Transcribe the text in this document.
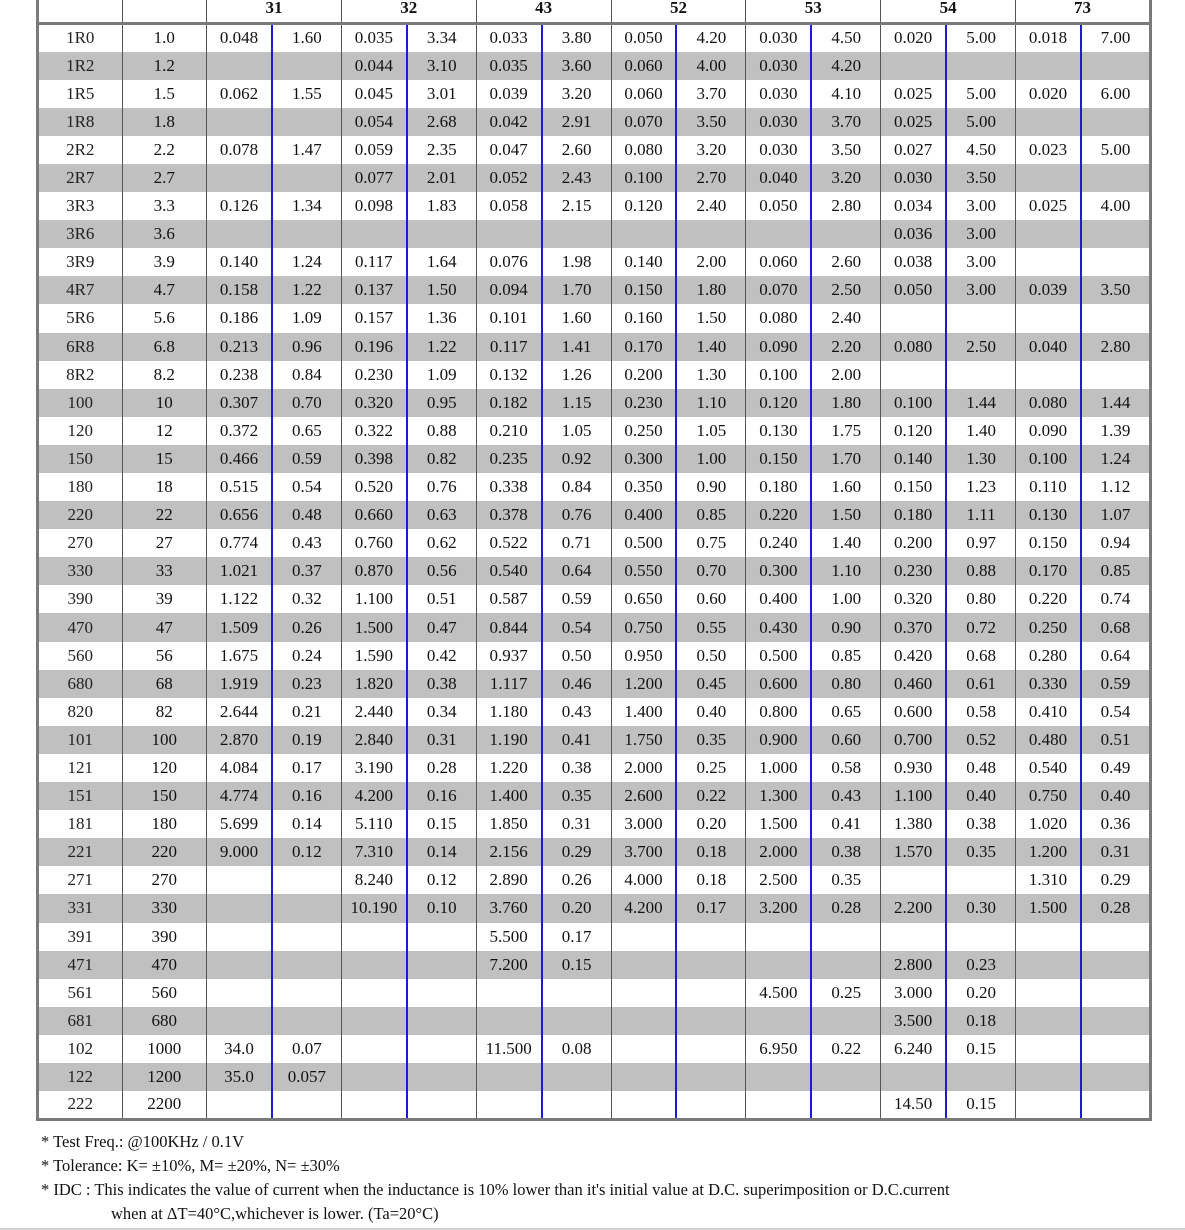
		31		32		43		52		53		54		73	
1R0	1.0	0.048	1.60	0.035	3.34	0.033	3.80	0.050	4.20	0.030	4.50	0.020	5.00	0.018	7.00
1R2	1.2			0.044	3.10	0.035	3.60	0.060	4.00	0.030	4.20				
1R5	1.5	0.062	1.55	0.045	3.01	0.039	3.20	0.060	3.70	0.030	4.10	0.025	5.00	0.020	6.00
1R8	1.8			0.054	2.68	0.042	2.91	0.070	3.50	0.030	3.70	0.025	5.00		
2R2	2.2	0.078	1.47	0.059	2.35	0.047	2.60	0.080	3.20	0.030	3.50	0.027	4.50	0.023	5.00
2R7	2.7			0.077	2.01	0.052	2.43	0.100	2.70	0.040	3.20	0.030	3.50		
3R3	3.3	0.126	1.34	0.098	1.83	0.058	2.15	0.120	2.40	0.050	2.80	0.034	3.00	0.025	4.00
3R6	3.6											0.036	3.00		
3R9	3.9	0.140	1.24	0.117	1.64	0.076	1.98	0.140	2.00	0.060	2.60	0.038	3.00		
4R7	4.7	0.158	1.22	0.137	1.50	0.094	1.70	0.150	1.80	0.070	2.50	0.050	3.00	0.039	3.50
5R6	5.6	0.186	1.09	0.157	1.36	0.101	1.60	0.160	1.50	0.080	2.40				
6R8	6.8	0.213	0.96	0.196	1.22	0.117	1.41	0.170	1.40	0.090	2.20	0.080	2.50	0.040	2.80
8R2	8.2	0.238	0.84	0.230	1.09	0.132	1.26	0.200	1.30	0.100	2.00				
100	10	0.307	0.70	0.320	0.95	0.182	1.15	0.230	1.10	0.120	1.80	0.100	1.44	0.080	1.44
120	12	0.372	0.65	0.322	0.88	0.210	1.05	0.250	1.05	0.130	1.75	0.120	1.40	0.090	1.39
150	15	0.466	0.59	0.398	0.82	0.235	0.92	0.300	1.00	0.150	1.70	0.140	1.30	0.100	1.24
180	18	0.515	0.54	0.520	0.76	0.338	0.84	0.350	0.90	0.180	1.60	0.150	1.23	0.110	1.12
220	22	0.656	0.48	0.660	0.63	0.378	0.76	0.400	0.85	0.220	1.50	0.180	1.11	0.130	1.07
270	27	0.774	0.43	0.760	0.62	0.522	0.71	0.500	0.75	0.240	1.40	0.200	0.97	0.150	0.94
330	33	1.021	0.37	0.870	0.56	0.540	0.64	0.550	0.70	0.300	1.10	0.230	0.88	0.170	0.85
390	39	1.122	0.32	1.100	0.51	0.587	0.59	0.650	0.60	0.400	1.00	0.320	0.80	0.220	0.74
470	47	1.509	0.26	1.500	0.47	0.844	0.54	0.750	0.55	0.430	0.90	0.370	0.72	0.250	0.68
560	56	1.675	0.24	1.590	0.42	0.937	0.50	0.950	0.50	0.500	0.85	0.420	0.68	0.280	0.64
680	68	1.919	0.23	1.820	0.38	1.117	0.46	1.200	0.45	0.600	0.80	0.460	0.61	0.330	0.59
820	82	2.644	0.21	2.440	0.34	1.180	0.43	1.400	0.40	0.800	0.65	0.600	0.58	0.410	0.54
101	100	2.870	0.19	2.840	0.31	1.190	0.41	1.750	0.35	0.900	0.60	0.700	0.52	0.480	0.51
121	120	4.084	0.17	3.190	0.28	1.220	0.38	2.000	0.25	1.000	0.58	0.930	0.48	0.540	0.49
151	150	4.774	0.16	4.200	0.16	1.400	0.35	2.600	0.22	1.300	0.43	1.100	0.40	0.750	0.40
181	180	5.699	0.14	5.110	0.15	1.850	0.31	3.000	0.20	1.500	0.41	1.380	0.38	1.020	0.36
221	220	9.000	0.12	7.310	0.14	2.156	0.29	3.700	0.18	2.000	0.38	1.570	0.35	1.200	0.31
271	270			8.240	0.12	2.890	0.26	4.000	0.18	2.500	0.35			1.310	0.29
331	330			10.190	0.10	3.760	0.20	4.200	0.17	3.200	0.28	2.200	0.30	1.500	0.28
391	390					5.500	0.17								
471	470					7.200	0.15					2.800	0.23		
561	560									4.500	0.25	3.000	0.20		
681	680											3.500	0.18		
102	1000	34.0	0.07			11.500	0.08			6.950	0.22	6.240	0.15		
122	1200	35.0	0.057												
222	2200											14.50	0.15		
* Test Freq.: @100KHz / 0.1V
* Tolerance: K= ±10%, M= ±20%, N= ±30%
* IDC : This indicates the value of current when the inductance is 10% lower than it's initial value at D.C. superimposition or D.C.current
when at ΔT=40°C,whichever is lower. (Ta=20°C)
